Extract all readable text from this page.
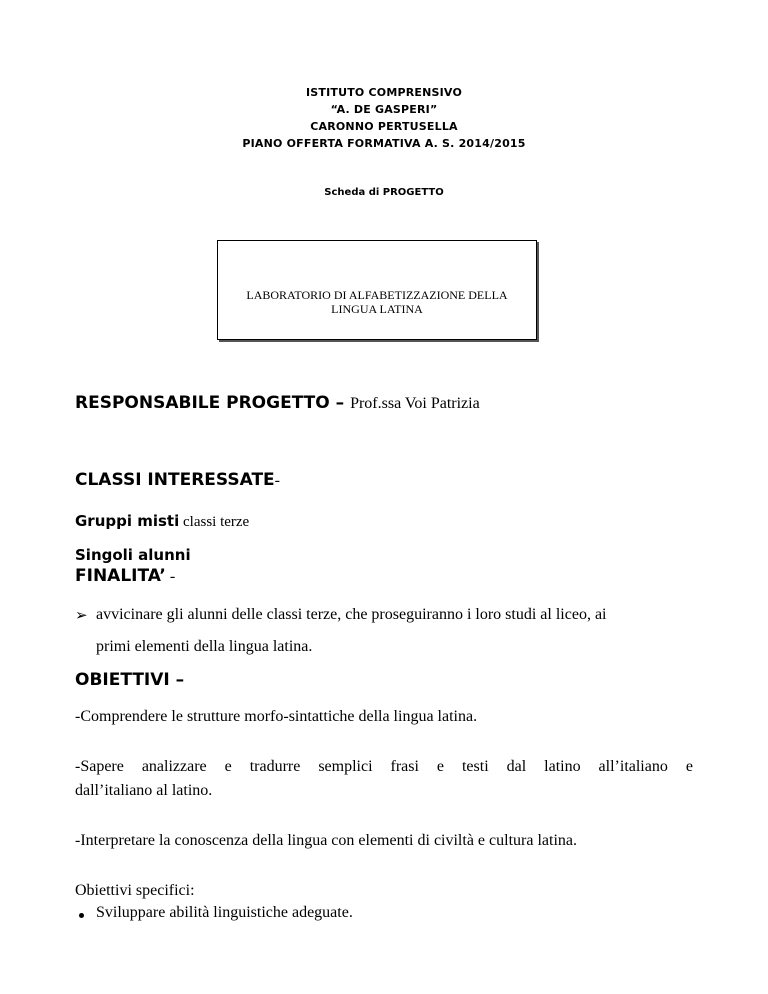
ISTITUTO COMPRENSIVO
“A. DE GASPERI”
CARONNO PERTUSELLA
PIANO OFFERTA FORMATIVA A. S. 2014/2015
Scheda di PROGETTO
LABORATORIO DI ALFABETIZZAZIONE DELLA
LINGUA LATINA
RESPONSABILE PROGETTO – Prof.ssa Voi Patrizia
CLASSI INTERESSATE-
Gruppi misti classi terze
Singoli alunni
FINALITA’ -
➢ avvicinare gli alunni delle classi terze, che proseguiranno i loro studi al liceo, ai
primi elementi della lingua latina.
OBIETTIVI –
-Comprendere le strutture morfo-sintattiche della lingua latina.
-Sapere analizzare e tradurre semplici frasi e testi dal latino all’italiano e
dall’italiano al latino.
-Interpretare la conoscenza della lingua con elementi di civiltà e cultura latina.
Obiettivi specifici:
Sviluppare abilità linguistiche adeguate.
